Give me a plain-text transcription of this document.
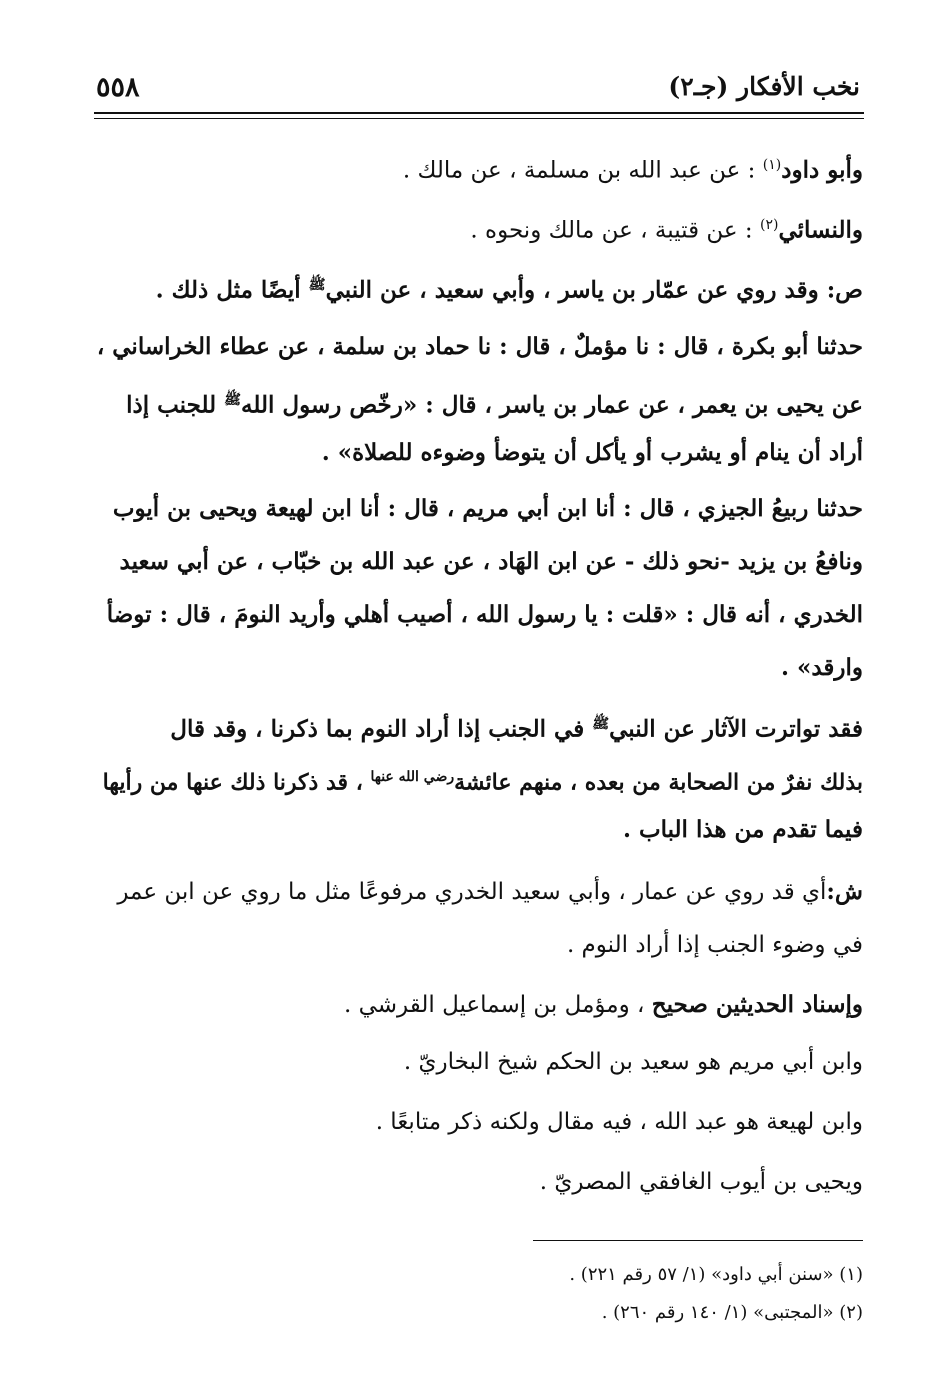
نخب الأفكار (جـ٢)
٥٥٨
وأبو داود$^{(١)}$ : عن عبد الله بن مسلمة ، عن مالك .
والنسائي$^{(٢)}$ : عن قتيبة ، عن مالك ونحوه .
ص: وقد روي عن عمّار بن ياسر ، وأبي سعيد ، عن النبي$^ﷺ$ أيضًا مثل ذلك .
حدثنا أبو بكرة ، قال : نا مؤملٌ ، قال : نا حماد بن سلمة ، عن عطاء الخراساني ،
عن يحيى بن يعمر ، عن عمار بن ياسر ، قال : «رخّص رسول الله$^ﷺ$ للجنب إذا
أراد أن ينام أو يشرب أو يأكل أن يتوضأ وضوءه للصلاة» .
حدثنا ربيعُ الجيزي ، قال : أنا ابن أبي مريم ، قال : أنا ابن لهيعة ويحيى بن أيوب
ونافعُ بن يزيد -نحو ذلك - عن ابن الهَاد ، عن عبد الله بن خبّاب ، عن أبي سعيد
الخدري ، أنه قال : «قلت : يا رسول الله ، أصيب أهلي وأريد النومَ ، قال : توضأ
وارقد» .
فقد تواترت الآثار عن النبي$^ﷺ$ في الجنب إذا أراد النوم بما ذكرنا ، وقد قال
بذلك نفرٌ من الصحابة من بعده ، منهم عائشة$^{رضي الله عنها}$ ، قد ذكرنا ذلك عنها من رأيها
فيما تقدم من هذا الباب .
ش:أي قد روي عن عمار ، وأبي سعيد الخدري مرفوعًا مثل ما روي عن ابن عمر
في وضوء الجنب إذا أراد النوم .
وإسناد الحديثين صحيح ، ومؤمل بن إسماعيل القرشي .
وابن أبي مريم هو سعيد بن الحكم شيخ البخاريّ .
وابن لهيعة هو عبد الله ، فيه مقال ولكنه ذكر متابعًا .
ويحيى بن أيوب الغافقي المصريّ .
(١) «سنن أبي داود» (١/ ٥٧ رقم ٢٢١) .
(٢) «المجتبى» (١/ ١٤٠ رقم ٢٦٠) .
